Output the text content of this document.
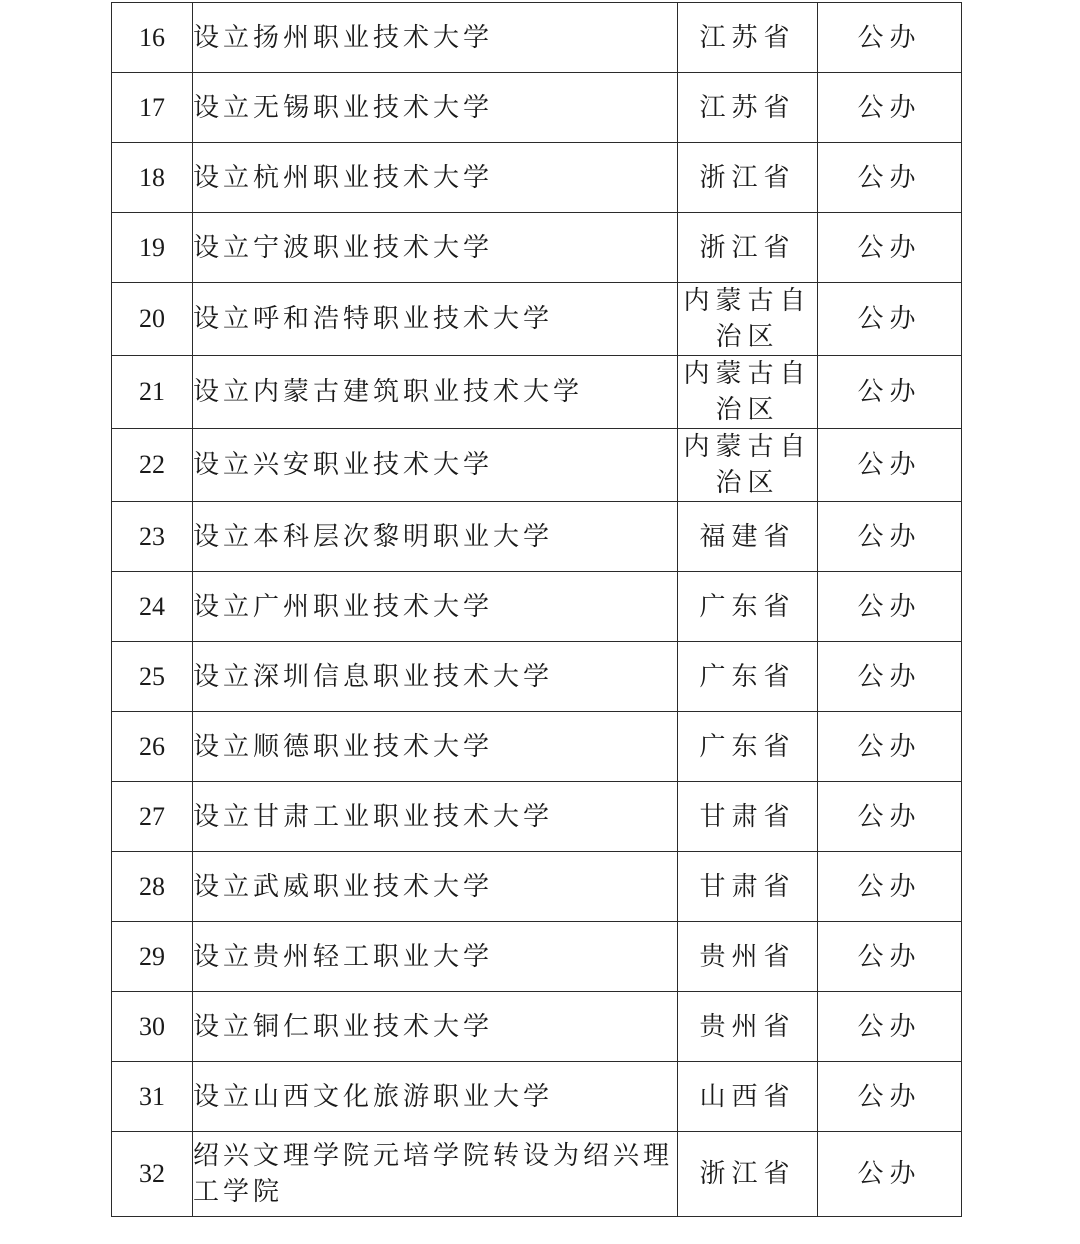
16	设立扬州职业技术大学	江苏省	公办
17	设立无锡职业技术大学	江苏省	公办
18	设立杭州职业技术大学	浙江省	公办
19	设立宁波职业技术大学	浙江省	公办
20	设立呼和浩特职业技术大学	内蒙古自治区	公办
21	设立内蒙古建筑职业技术大学	内蒙古自治区	公办
22	设立兴安职业技术大学	内蒙古自治区	公办
23	设立本科层次黎明职业大学	福建省	公办
24	设立广州职业技术大学	广东省	公办
25	设立深圳信息职业技术大学	广东省	公办
26	设立顺德职业技术大学	广东省	公办
27	设立甘肃工业职业技术大学	甘肃省	公办
28	设立武威职业技术大学	甘肃省	公办
29	设立贵州轻工职业大学	贵州省	公办
30	设立铜仁职业技术大学	贵州省	公办
31	设立山西文化旅游职业大学	山西省	公办
32	绍兴文理学院元培学院转设为绍兴理工学院	浙江省	公办
